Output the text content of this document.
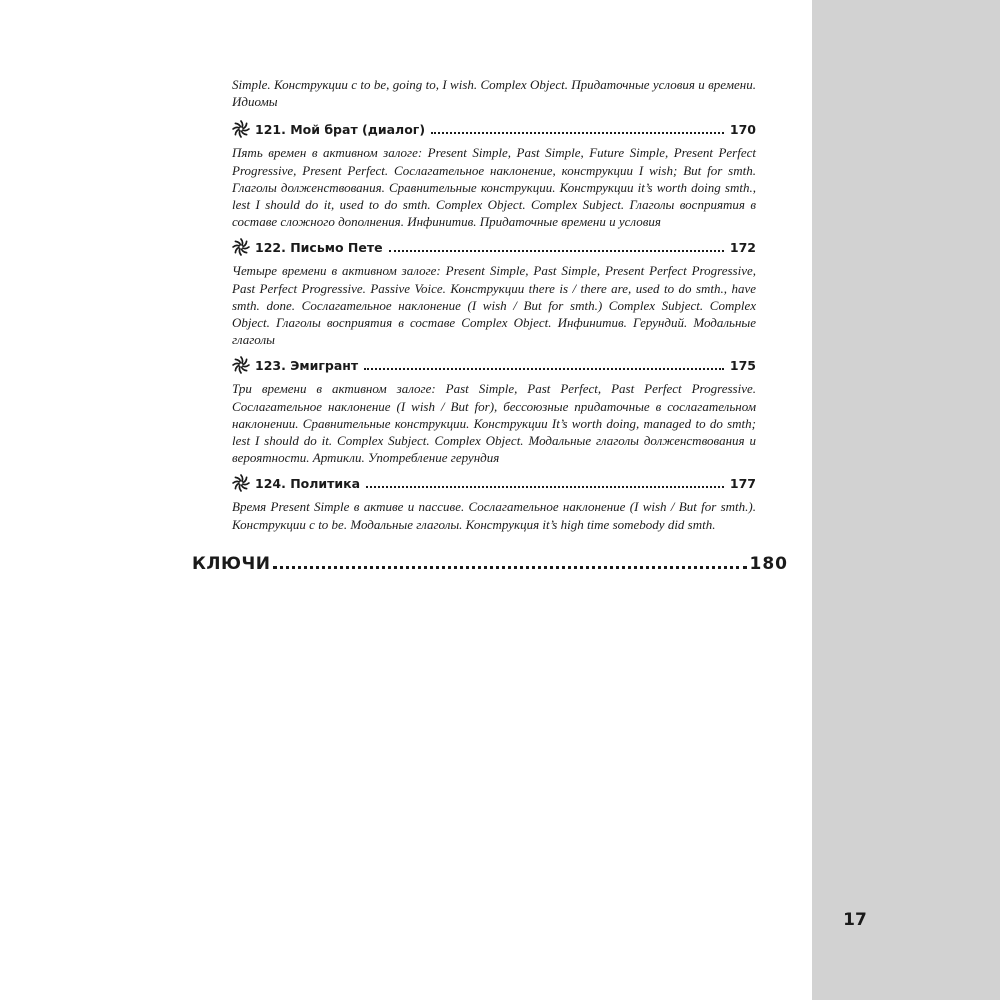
17

Simple. Конструкции с to be, going to, I wish. Complex Object. Придаточные условия и времени. Идиомы

121. Мой брат (диалог)	170

Пять времен в активном залоге: Present Simple, Past Simple, Future Simple, Present Perfect Progressive, Present Perfect. Сослагательное наклонение, конструкции I wish; But for smth. Глаголы долженствования. Сравнительные конструкции. Конструкции it’s worth doing smth., lest I should do it, used to do smth. Complex Object. Complex Subject. Глаголы восприятия в составе сложного дополнения. Инфинитив. Придаточные времени и условия

122. Письмо Пете	172

Четыре времени в активном залоге: Present Simple, Past Simple, Present Perfect Progressive, Past Perfect Progressive. Passive Voice. Конструкции there is / there are, used to do smth., have smth. done. Сослагательное наклонение (I wish / But for smth.) Complex Subject. Complex Object. Глаголы восприятия в составе Complex Object. Инфинитив. Герундий. Модальные глаголы

123. Эмигрант	175

Три времени в активном залоге: Past Simple, Past Perfect, Past Perfect Progressive. Сослагательное наклонение (I wish / But for), бессоюзные придаточные в сослагательном наклонении. Сравнительные конструкции. Конструкции It’s worth doing, managed to do smth; lest I should do it. Complex Subject. Complex Object. Модальные глаголы долженствования и вероятности. Артикли. Употребление герундия

124. Политика	177

Время Present Simple в активе и пассиве. Сослагательное наклонение (I wish / But for smth.). Конструкции с to be. Модальные глаголы. Конструкция it’s high time somebody did smth.

КЛЮЧИ	180
